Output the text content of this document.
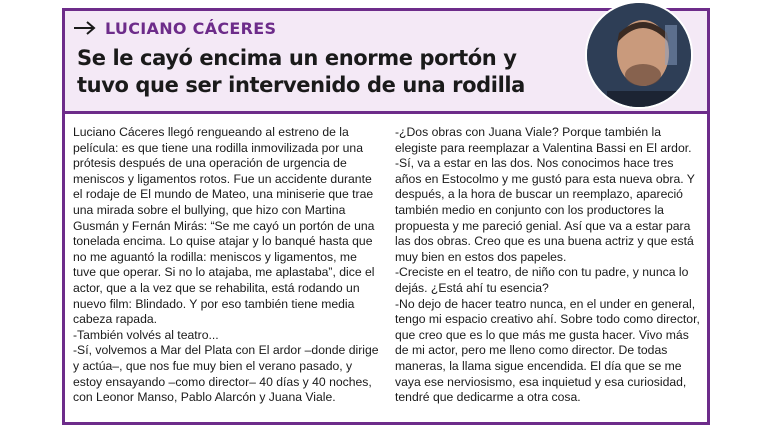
LUCIANO CÁCERES
Se le cayó encima un enorme portón y tuvo que ser intervenido de una rodilla

Luciano Cáceres llegó rengueando al estreno de la película: es que tiene una rodilla inmovilizada por una prótesis después de una operación de urgencia de meniscos y ligamentos rotos. Fue un accidente durante el rodaje de El mundo de Mateo, una miniserie que trae una mirada sobre el bullying, que hizo con Martina Gusmán y Fernán Mirás: “Se me cayó un portón de una tonelada encima. Lo quise atajar y lo banqué hasta que no me aguantó la rodilla: meniscos y ligamentos, me tuve que operar. Si no lo atajaba, me aplastaba”, dice el actor, que a la vez que se rehabilita, está rodando un nuevo film: Blindado. Y por eso también tiene media cabeza rapada.

-También volvés al teatro...

-Sí, volvemos a Mar del Plata con El ardor –donde dirige y actúa–, que nos fue muy bien el verano pasado, y estoy ensayando –como director– 40 días y 40 noches, con Leonor Manso, Pablo Alarcón y Juana Viale.

-¿Dos obras con Juana Viale? Porque también la elegiste para reemplazar a Valentina Bassi en El ardor.

-Sí, va a estar en las dos. Nos conocimos hace tres años en Estocolmo y me gustó para esta nueva obra. Y después, a la hora de buscar un reemplazo, apareció también medio en conjunto con los productores la propuesta y me pareció genial. Así que va a estar para las dos obras. Creo que es una buena actriz y que está muy bien en estos dos papeles.

-Creciste en el teatro, de niño con tu padre, y nunca lo dejás. ¿Está ahí tu esencia?

-No dejo de hacer teatro nunca, en el under en general, tengo mi espacio creativo ahí. Sobre todo como director, que creo que es lo que más me gusta hacer. Vivo más de mi actor, pero me lleno como director. De todas maneras, la llama sigue encendida. El día que se me vaya ese nerviosismo, esa inquietud y esa curiosidad, tendré que dedicarme a otra cosa.
